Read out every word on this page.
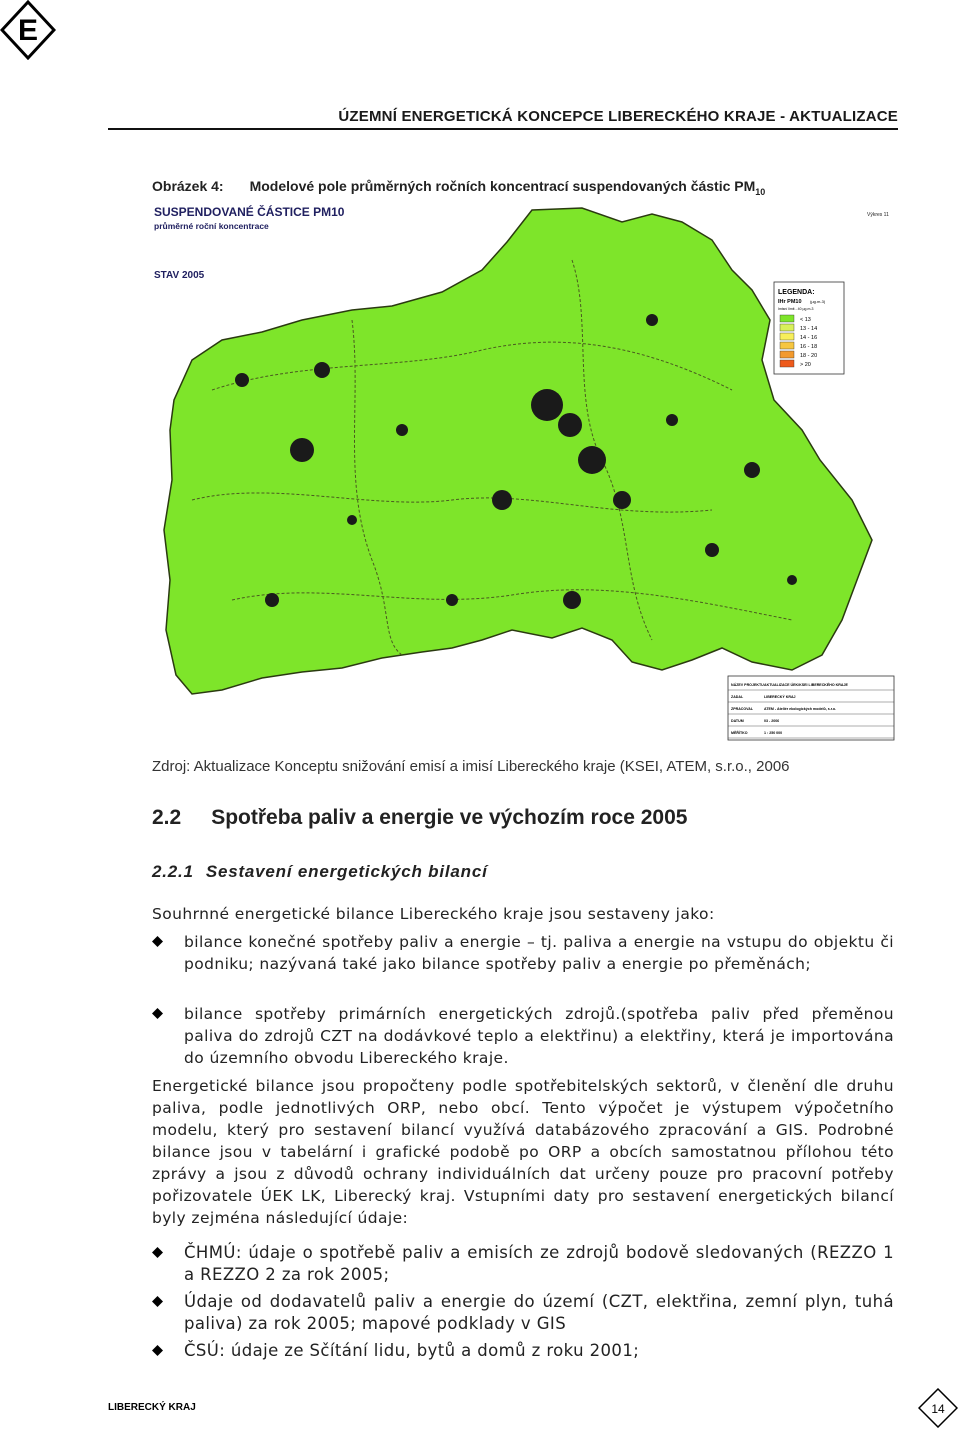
E
ÚZEMNÍ ENERGETICKÁ KONCEPCE LIBERECKÉHO KRAJE - AKTUALIZACE
Obrázek 4: Modelové pole průměrných ročních koncentrací suspendovaných částic $PM_{10}$
SUSPENDOVANÉ ČÁSTICE PM10
průměrné roční koncentrace
STAV 2005
Výkres 11
LEGENDA:
IHr PM10 (µg.m-3)
Imisní limit - 40 µg.m-3
< 13
13 - 14
14 - 16
16 - 18
18 - 20
> 20
NÁZEV PROJEKTU AKTUALIZACE ÚEK/KSEI LIBERECKÉHO KRAJE
ZADAL	LIBERECKÝ KRAJ
ZPRACOVAL	ATEM - Ateliér ekologických modelů, s.r.o.
DATUM	03 - 2006
MĚŘÍTKO	1 : 250 000
Zdroj: Aktualizace Konceptu snižování emisí a imisí Libereckého kraje (KSEI, ATEM, s.r.o., 2006
2.2 Spotřeba paliv a energie ve výchozím roce 2005
2.2.1 Sestavení energetických bilancí
Souhrnné energetické bilance Libereckého kraje jsou sestaveny jako:
bilance konečné spotřeby paliv a energie – tj. paliva a energie na vstupu do objektu či podniku; nazývaná také jako bilance spotřeby paliv a energie po přeměnách;
bilance spotřeby primárních energetických zdrojů.(spotřeba paliv před přeměnou paliva do zdrojů CZT na dodávkové teplo a elektřinu) a elektřiny, která je importována do územního obvodu Libereckého kraje.
Energetické bilance jsou propočteny podle spotřebitelských sektorů, v členění dle druhu paliva, podle jednotlivých ORP, nebo obcí. Tento výpočet je výstupem výpočetního modelu, který pro sestavení bilancí využívá databázového zpracování a GIS. Podrobné bilance jsou v tabelární i grafické podobě po ORP a obcích samostatnou přílohou této zprávy a jsou z důvodů ochrany individuálních dat určeny pouze pro pracovní potřeby pořizovatele ÚEK LK, Liberecký kraj. Vstupními daty pro sestavení energetických bilancí byly zejména následující údaje:
ČHMÚ: údaje o spotřebě paliv a emisích ze zdrojů bodově sledovaných (REZZO 1 a REZZO 2 za rok 2005;
Údaje od dodavatelů paliv a energie do území (CZT, elektřina, zemní plyn, tuhá paliva) za rok 2005; mapové podklady v GIS
ČSÚ: údaje ze Sčítání lidu, bytů a domů z roku 2001;
LIBERECKÝ KRAJ	14
